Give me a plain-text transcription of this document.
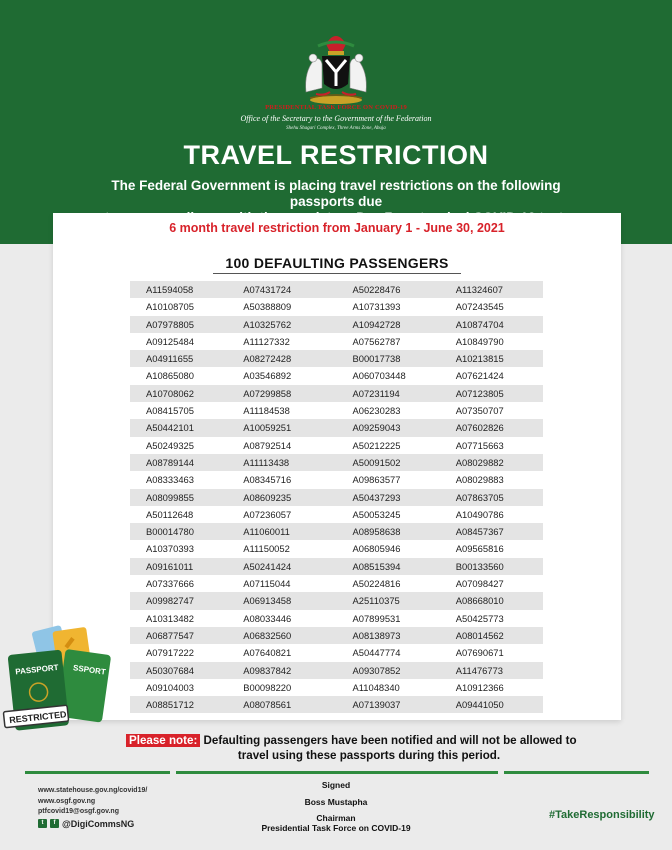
PRESIDENTIAL TASK FORCE ON COVID-19
Office of the Secretary to the Government of the Federation
Shehu Shagari Complex, Three Arms Zone, Abuja
TRAVEL RESTRICTION
The Federal Government is placing travel restrictions on the following passports due
6 month travel restriction from January 1 - June 30, 2021
100 DEFAULTING PASSENGERS
A11594058	A07431724	A50228476	A11324607
A10108705	A50388809	A10731393	A07243545
A07978805	A10325762	A10942728	A10874704
A09125484	A11127332	A07562787	A10849790
A04911655	A08272428	B00017738	A10213815
A10865080	A03546892	A060703448	A07621424
A10708062	A07299858	A07231194	A07123805
A08415705	A11184538	A06230283	A07350707
A50442101	A10059251	A09259043	A07602826
A50249325	A08792514	A50212225	A07715663
A08789144	A11113438	A50091502	A08029882
A08333463	A08345716	A09863577	A08029883
A08099855	A08609235	A50437293	A07863705
A50112648	A07236057	A50053245	A10490786
B00014780	A11060011	A08958638	A08457367
A10370393	A11150052	A06805946	A09565816
A09161011	A50241424	A08515394	B00133560
A07337666	A07115044	A50224816	A07098427
A09982747	A06913458	A25110375	A08668010
A10313482	A08033446	A07899531	A50425773
A06877547	A06832560	A08138973	A08014562
A07917222	A07640821	A50447774	A07690671
A50307684	A09837842	A09307852	A11476773
A09104003	B00098220	A11048340	A10912366
A08851712	A08078561	A07139037	A09441050
SSPORT
PASSPORT
RESTRICTED
Please note: Defaulting passengers have been notified and will not be allowed to
travel using these passports during this period.
www.statehouse.gov.ng/covid19/
www.osgf.gov.ng
ptfcovid19@osgf.gov.ng
t	f @DigiCommsNG
Signed
Boss Mustapha
Chairman
Presidential Task Force on COVID-19
#TakeResponsibility
